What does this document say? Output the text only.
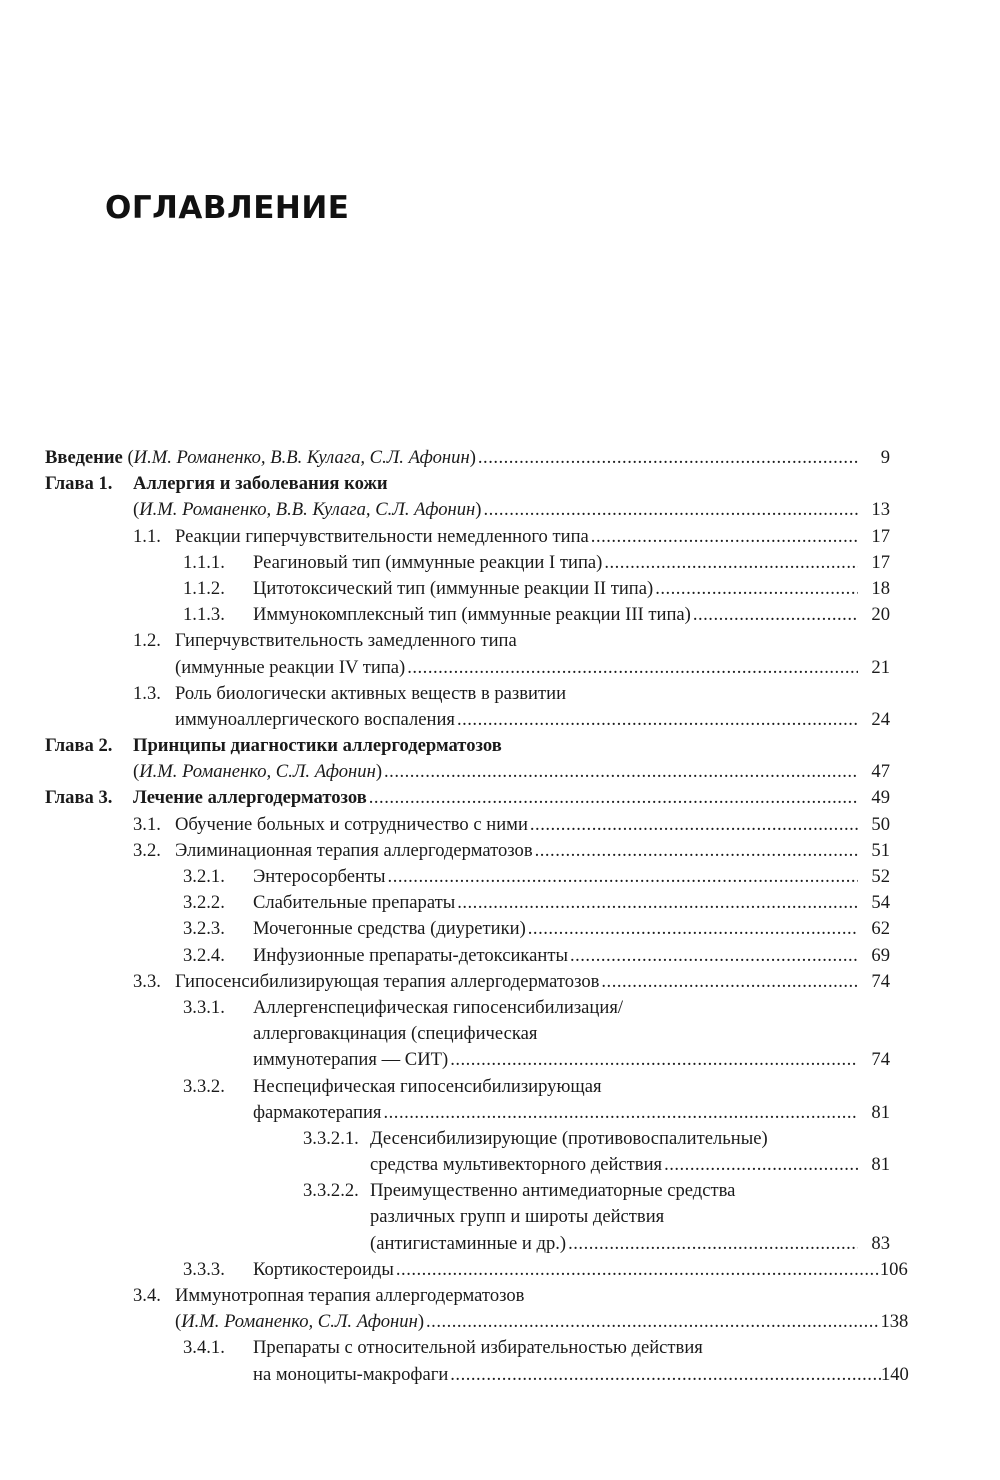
ОГЛАВЛЕНИЕ
Введение (И.М. Романенко, В.В. Кулага, С.Л. Афонин) .....	9
Глава 1. Аллергия и заболевания кожи
(И.М. Романенко, В.В. Кулага, С.Л. Афонин) .....	13
1.1. Реакции гиперчувствительности немедленного типа .....	17
1.1.1. Реагиновый тип (иммунные реакции I типа) .....	17
1.1.2. Цитотоксический тип (иммунные реакции II типа) .....	18
1.1.3. Иммунокомплексный тип (иммунные реакции III типа) .....	20
1.2. Гиперчувствительность замедленного типа
(иммунные реакции IV типа) .....	21
1.3. Роль биологически активных веществ в развитии
иммуноаллергического воспаления .....	24
Глава 2. Принципы диагностики аллергодерматозов
(И.М. Романенко, С.Л. Афонин) .....	47
Глава 3. Лечение аллергодерматозов .....	49
3.1. Обучение больных и сотрудничество с ними .....	50
3.2. Элиминационная терапия аллергодерматозов .....	51
3.2.1. Энтеросорбенты .....	52
3.2.2. Слабительные препараты .....	54
3.2.3. Мочегонные средства (диуретики) .....	62
3.2.4. Инфузионные препараты-детоксиканты .....	69
3.3. Гипосенсибилизирующая терапия аллергодерматозов .....	74
3.3.1. Аллергенспецифическая гипосенсибилизация/
аллерговакцинация (специфическая
иммунотерапия — СИТ) .....	74
3.3.2. Неспецифическая гипосенсибилизирующая
фармакотерапия .....	81
3.3.2.1. Десенсибилизирующие (противовоспалительные)
средства мультивекторного действия .....	81
3.3.2.2. Преимущественно антимедиаторные средства
различных групп и широты действия
(антигистаминные и др.) .....	83
3.3.3. Кортикостероиды .....	106
3.4. Иммунотропная терапия аллергодерматозов
(И.М. Романенко, С.Л. Афонин) .....	138
3.4.1. Препараты с относительной избирательностью действия
на моноциты-макрофаги .....	140
